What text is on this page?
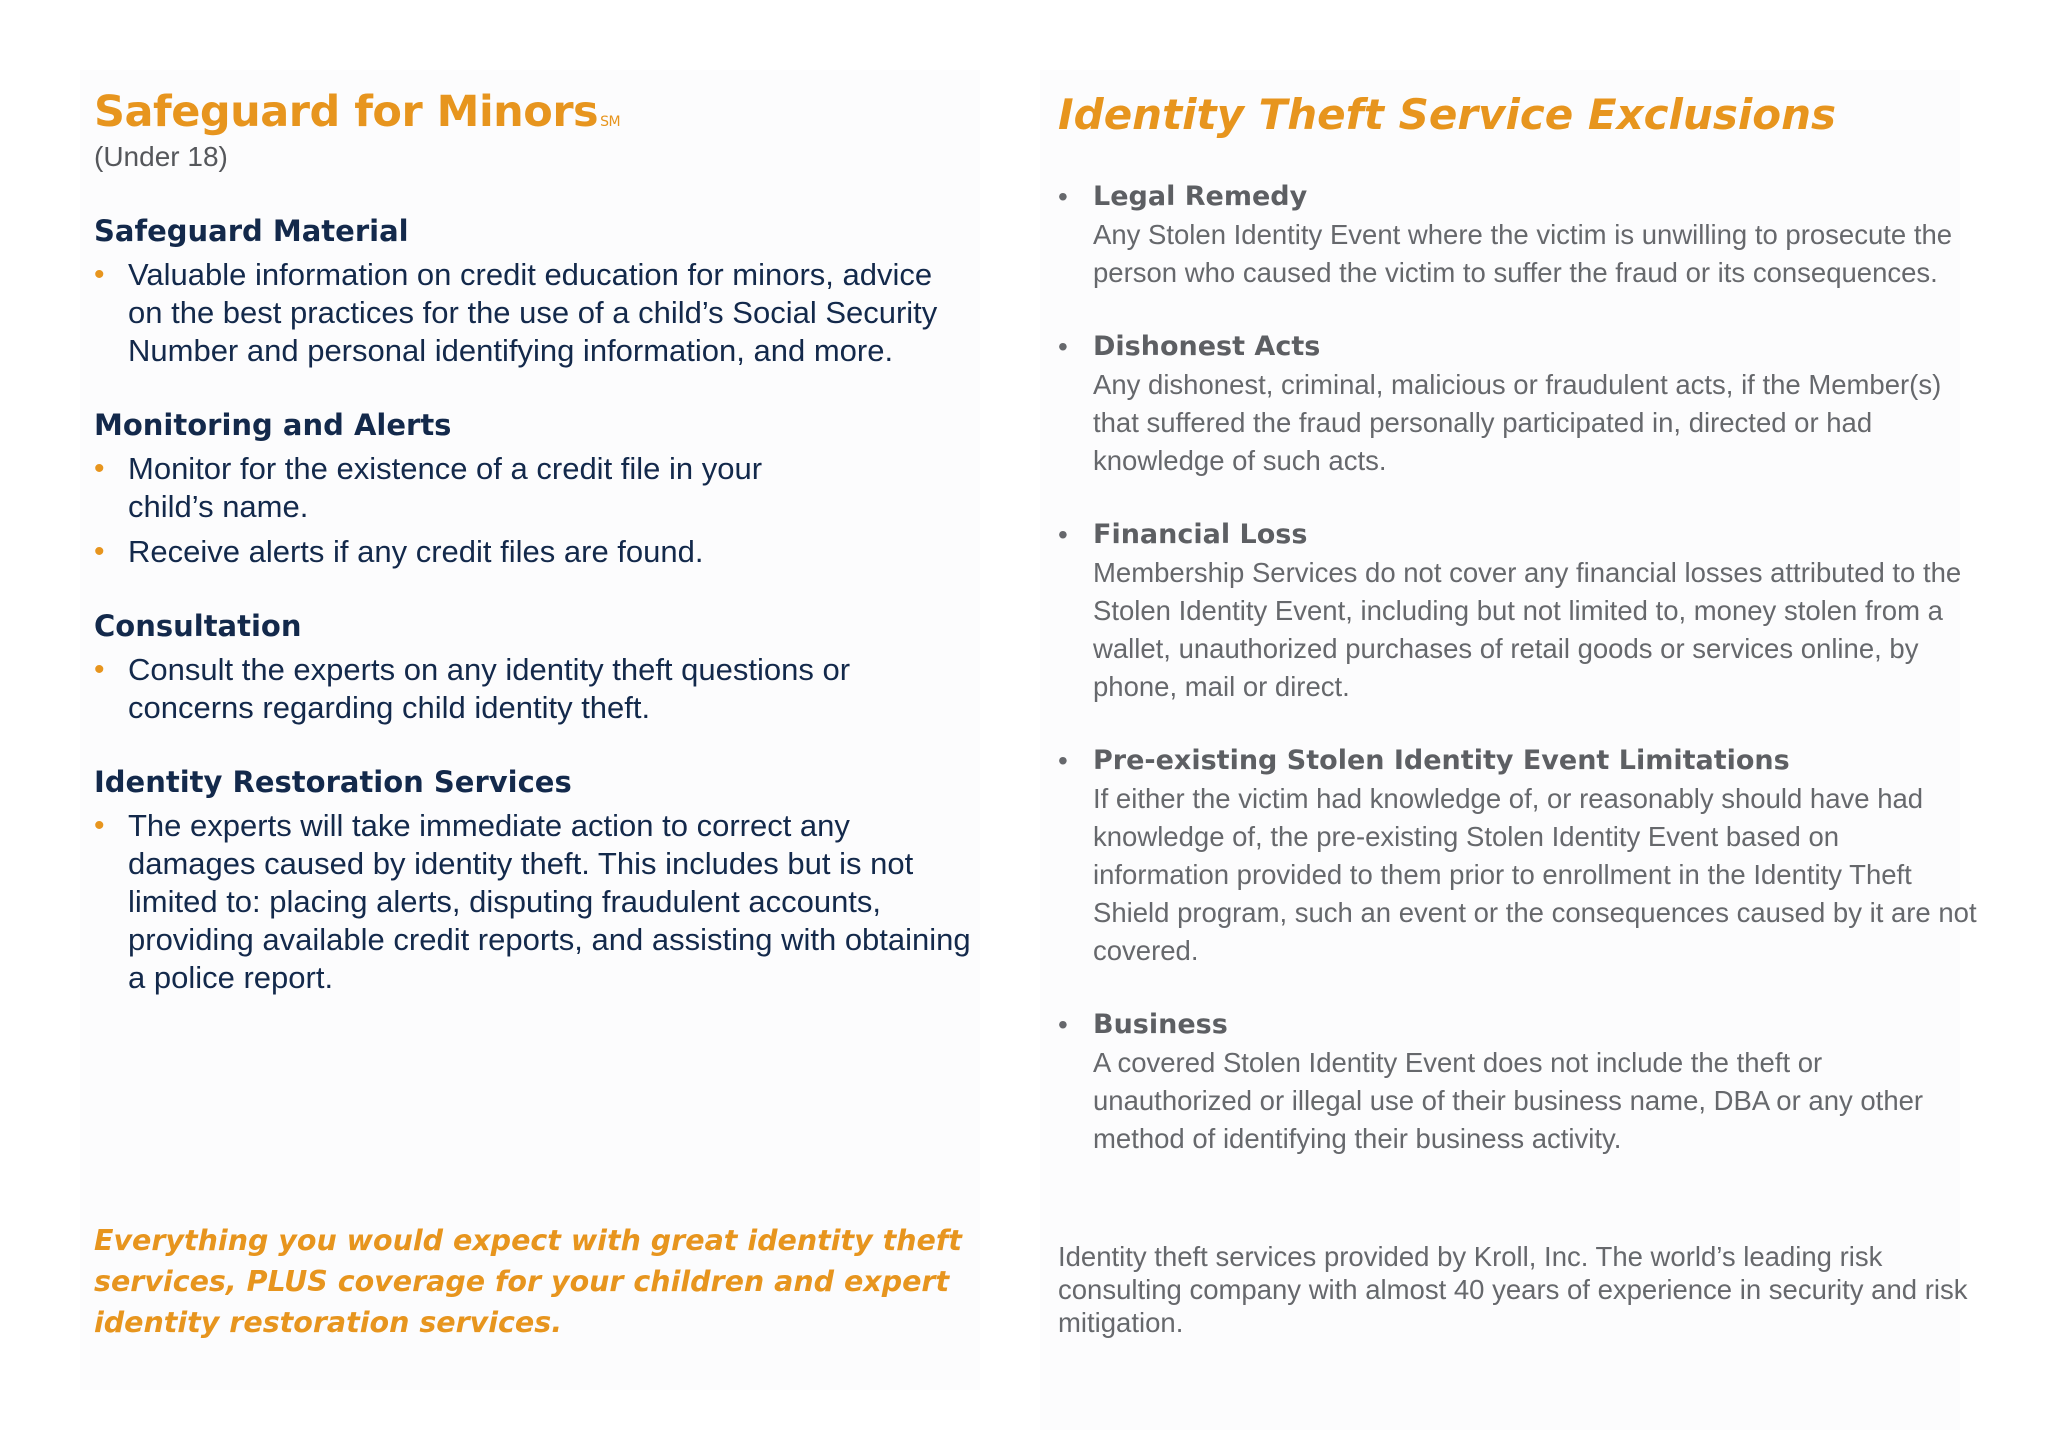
Safeguard for Minors ℠

(Under 18)

Safeguard Material
• Valuable information on credit education for minors, advice on the best practices for the use of a child’s Social Security Number and personal identifying information, and more.
Monitoring and Alerts
• Monitor for the existence of a credit file in your child’s name.
• Receive alerts if any credit files are found.
Consultation
• Consult the experts on any identity theft questions or concerns regarding child identity theft.
Identity Restoration Services
• The experts will take immediate action to correct any damages caused by identity theft. This includes but is not limited to: placing alerts, disputing fraudulent accounts, providing available credit reports, and assisting with obtaining a police report.

Everything you would expect with great identity theft services, PLUS coverage for your children and expert identity restoration services.

Identity Theft Service Exclusions
• Legal Remedy

Any Stolen Identity Event where the victim is unwilling to prosecute the person who caused the victim to suffer the fraud or its consequences.

• Dishonest Acts

Any dishonest, criminal, malicious or fraudulent acts, if the Member(s) that suffered the fraud personally participated in, directed or had knowledge of such acts.

• Financial Loss

Membership Services do not cover any financial losses attributed to the Stolen Identity Event, including but not limited to, money stolen from a wallet, unauthorized purchases of retail goods or services online, by phone, mail or direct.

• Pre-existing Stolen Identity Event Limitations

If either the victim had knowledge of, or reasonably should have had knowledge of, the pre-existing Stolen Identity Event based on information provided to them prior to enrollment in the Identity Theft Shield program, such an event or the consequences caused by it are not covered.

• Business

A covered Stolen Identity Event does not include the theft or unauthorized or illegal use of their business name, DBA or any other method of identifying their business activity.

Identity theft services provided by Kroll, Inc. The world’s leading risk consulting company with almost 40 years of experience in security and risk mitigation.
